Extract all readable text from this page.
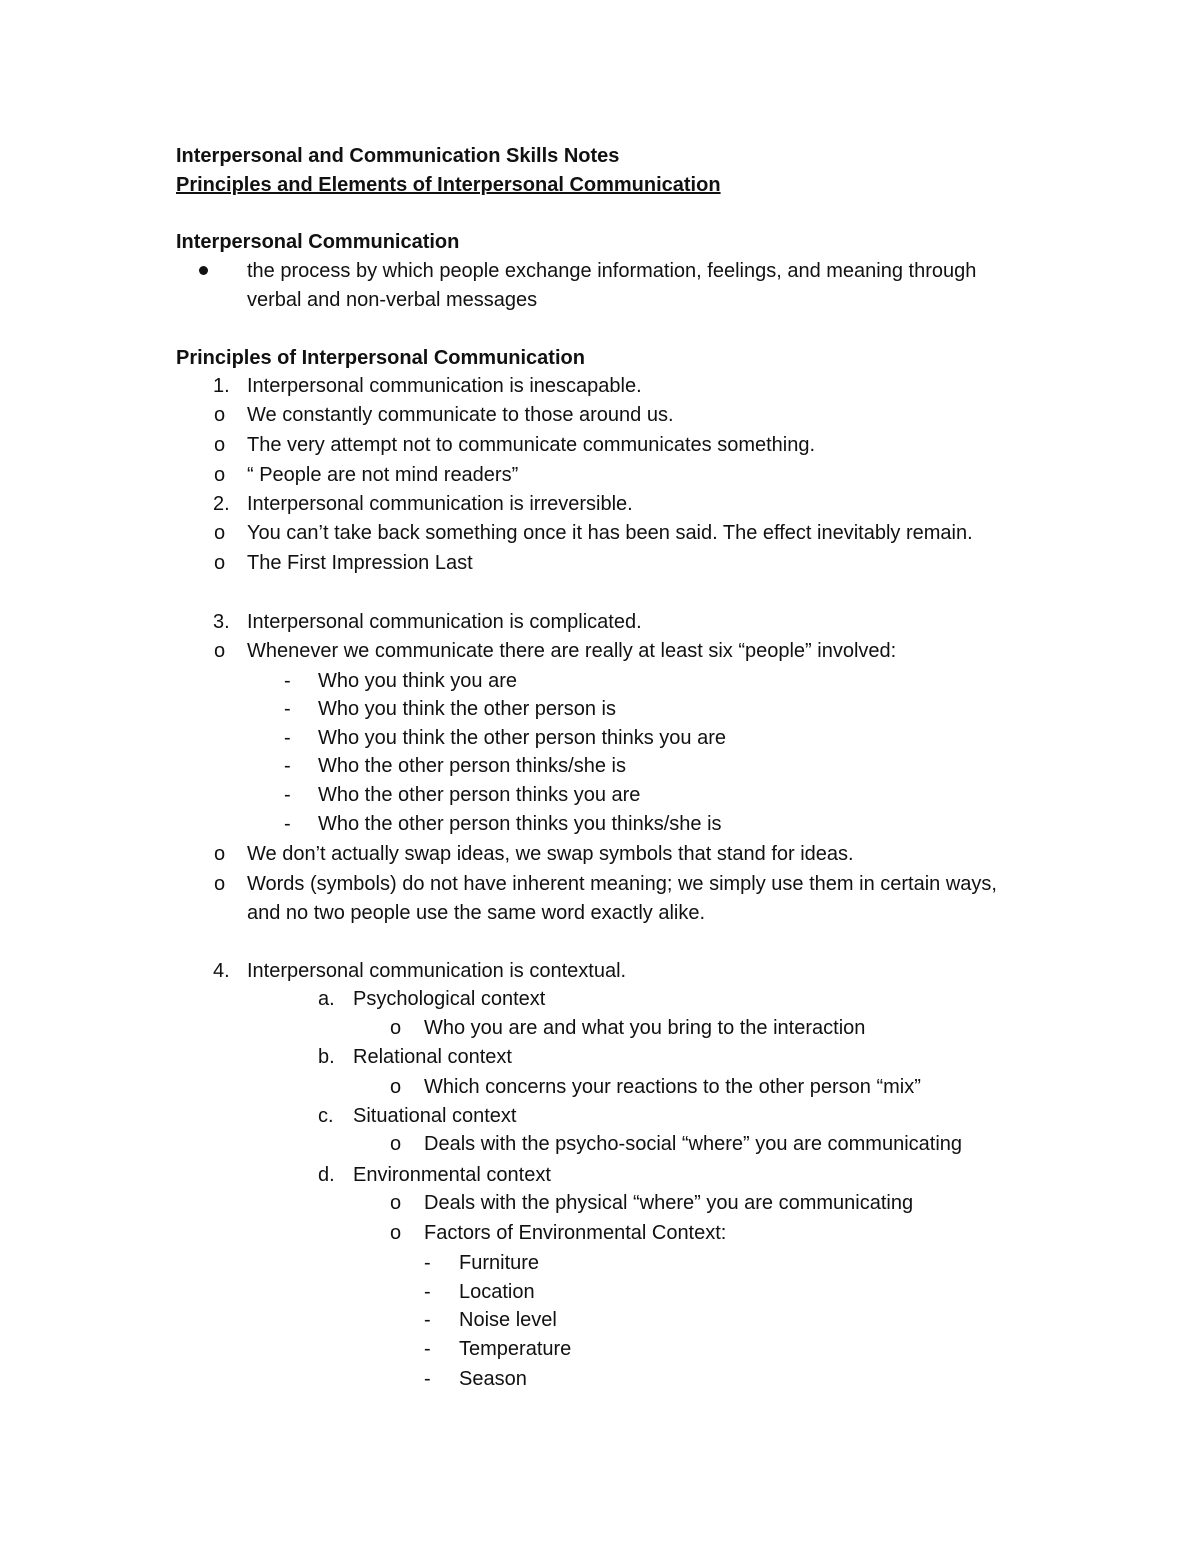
Interpersonal and Communication Skills Notes
Principles and Elements of Interpersonal Communication
Interpersonal Communication
the process by which people exchange information, feelings, and meaning through
verbal and non-verbal messages
Principles of Interpersonal Communication
1. Interpersonal communication is inescapable.
o We constantly communicate to those around us.
o The very attempt not to communicate communicates something.
o “ People are not mind readers”
2. Interpersonal communication is irreversible.
o You can’t take back something once it has been said. The effect inevitably remain.
o The First Impression Last
3. Interpersonal communication is complicated.
o Whenever we communicate there are really at least six “people” involved:
- Who you think you are
- Who you think the other person is
- Who you think the other person thinks you are
- Who the other person thinks/she is
- Who the other person thinks you are
- Who the other person thinks you thinks/she is
o We don’t actually swap ideas, we swap symbols that stand for ideas.
o Words (symbols) do not have inherent meaning; we simply use them in certain ways,
and no two people use the same word exactly alike.
4. Interpersonal communication is contextual.
a. Psychological context
o Who you are and what you bring to the interaction
b. Relational context
o Which concerns your reactions to the other person “mix”
c. Situational context
o Deals with the psycho-social “where” you are communicating
d. Environmental context
o Deals with the physical “where” you are communicating
o Factors of Environmental Context:
- Furniture
- Location
- Noise level
- Temperature
- Season
